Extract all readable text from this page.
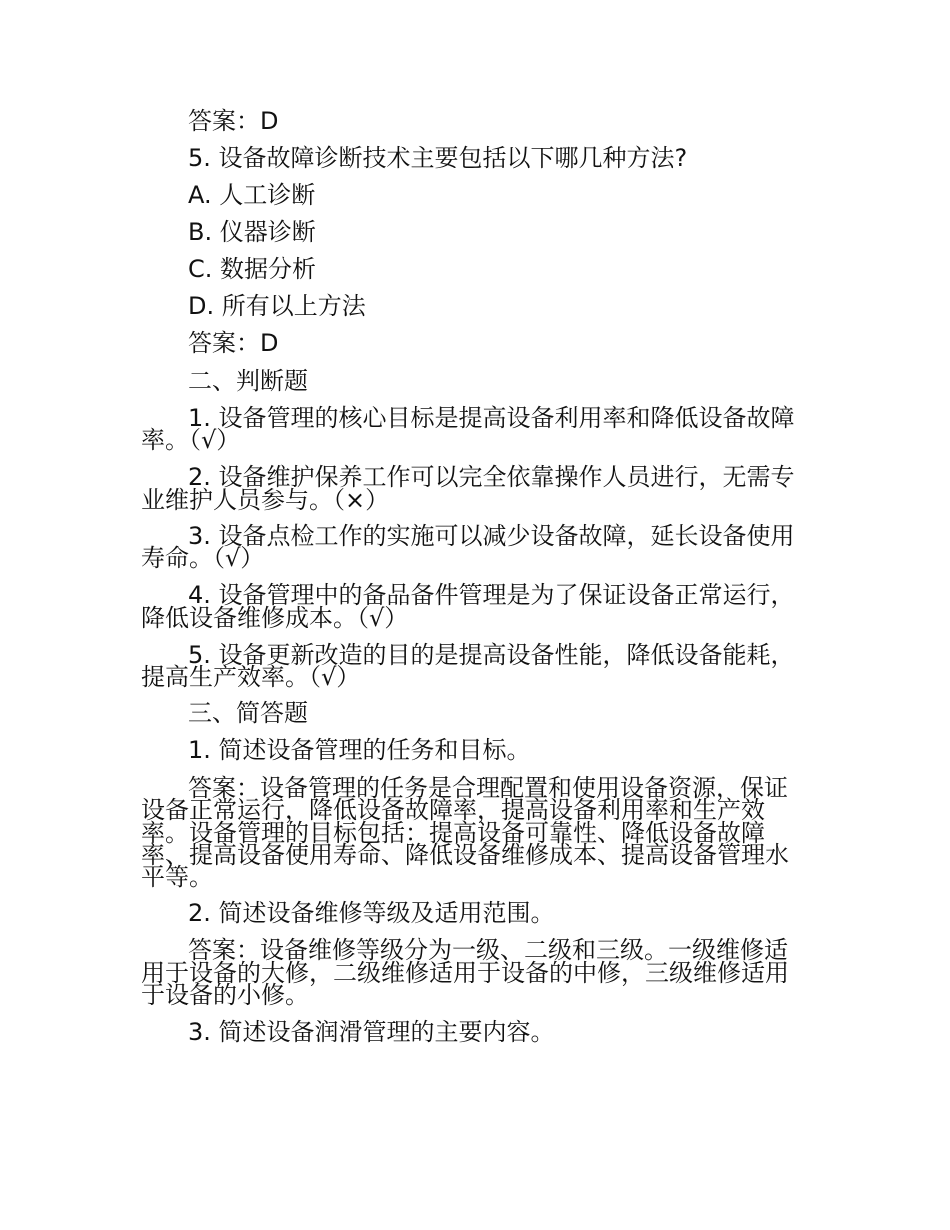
答案：D
5. 设备故障诊断技术主要包括以下哪几种方法?
A. 人工诊断
B. 仪器诊断
C. 数据分析
D. 所有以上方法
答案：D
二、判断题
1. 设备管理的核心目标是提高设备利用率和降低设备故障
率。（√）
2. 设备维护保养工作可以完全依靠操作人员进行，无需专
业维护人员参与。（×）
3. 设备点检工作的实施可以减少设备故障，延长设备使用
寿命。（√）
4. 设备管理中的备品备件管理是为了保证设备正常运行，
降低设备维修成本。（√）
5. 设备更新改造的目的是提高设备性能，降低设备能耗，
提高生产效率。（√）
三、简答题
1. 简述设备管理的任务和目标。
答案：设备管理的任务是合理配置和使用设备资源，保证
设备正常运行，降低设备故障率，提高设备利用率和生产效
率。设备管理的目标包括：提高设备可靠性、降低设备故障
率、提高设备使用寿命、降低设备维修成本、提高设备管理水
平等。
2. 简述设备维修等级及适用范围。
答案：设备维修等级分为一级、二级和三级。一级维修适
用于设备的大修，二级维修适用于设备的中修，三级维修适用
于设备的小修。
3. 简述设备润滑管理的主要内容。
